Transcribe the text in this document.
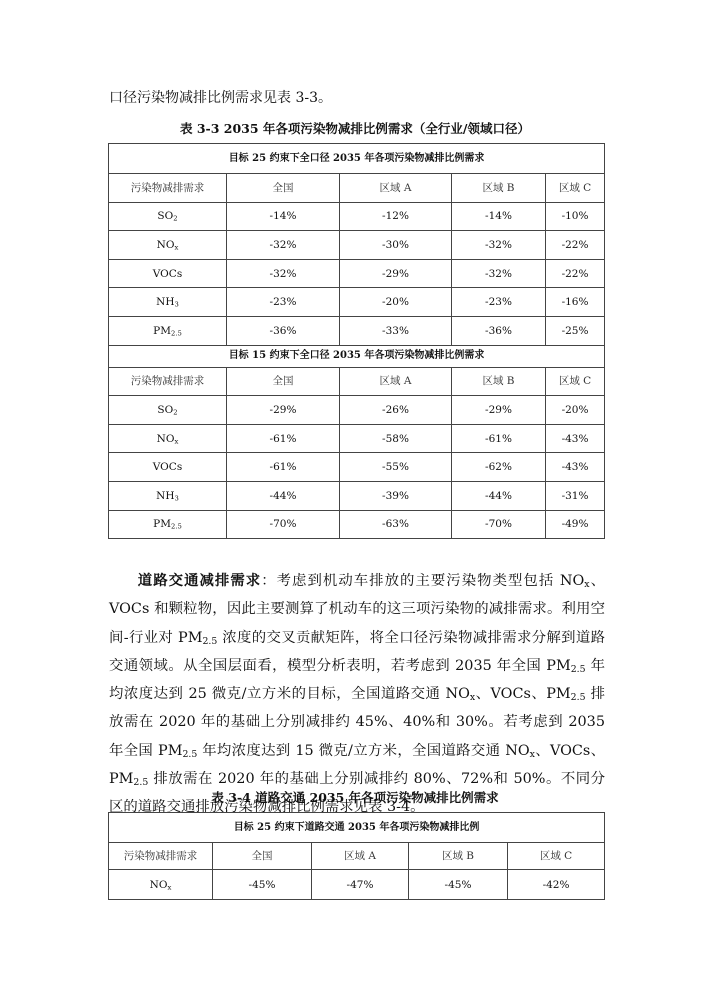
口径污染物减排比例需求见表 3-3。
表 3-3 2035 年各项污染物减排比例需求（全行业/领域口径）
目标 25 约束下全口径 2035 年各项污染物减排比例需求				
污染物减排需求	全国	区域 A	区域 B	区域 C
$SO_2$	-14%	-12%	-14%	-10%
$NO_x$	-32%	-30%	-32%	-22%
VOCs	-32%	-29%	-32%	-22%
$NH_3$	-23%	-20%	-23%	-16%
$PM_{2.5}$	-36%	-33%	-36%	-25%
目标 15 约束下全口径 2035 年各项污染物减排比例需求				
污染物减排需求	全国	区域 A	区域 B	区域 C
$SO_2$	-29%	-26%	-29%	-20%
$NO_x$	-61%	-58%	-61%	-43%
VOCs	-61%	-55%	-62%	-43%
$NH_3$	-44%	-39%	-44%	-31%
$PM_{2.5}$	-70%	-63%	-70%	-49%

道路交通减排需求：考虑到机动车排放的主要污染物类型包括 $NO_x$、VOCs 和颗粒物，因此主要测算了机动车的这三项污染物的减排需求。利用空间-行业对 $PM_{2.5}$ 浓度的交叉贡献矩阵，将全口径污染物减排需求分解到道路交通领域。从全国层面看，模型分析表明，若考虑到 2035 年全国 $PM_{2.5}$ 年均浓度达到 25 微克/立方米的目标，全国道路交通 $NO_x$、VOCs、$PM_{2.5}$ 排放需在 2020 年的基础上分别减排约 45%、40%和 30%。若考虑到 2035 年全国 $PM_{2.5}$ 年均浓度达到 15 微克/立方米，全国道路交通 $NO_x$、VOCs、$PM_{2.5}$ 排放需在 2020 年的基础上分别减排约 80%、72%和 50%。不同分区的道路交通排放污染物减排比例需求见表 3-4。

表 3-4 道路交通 2035 年各项污染物减排比例需求
目标 25 约束下道路交通 2035 年各项污染物减排比例				
污染物减排需求	全国	区域 A	区域 B	区域 C
$NO_x$	-45%	-47%	-45%	-42%
